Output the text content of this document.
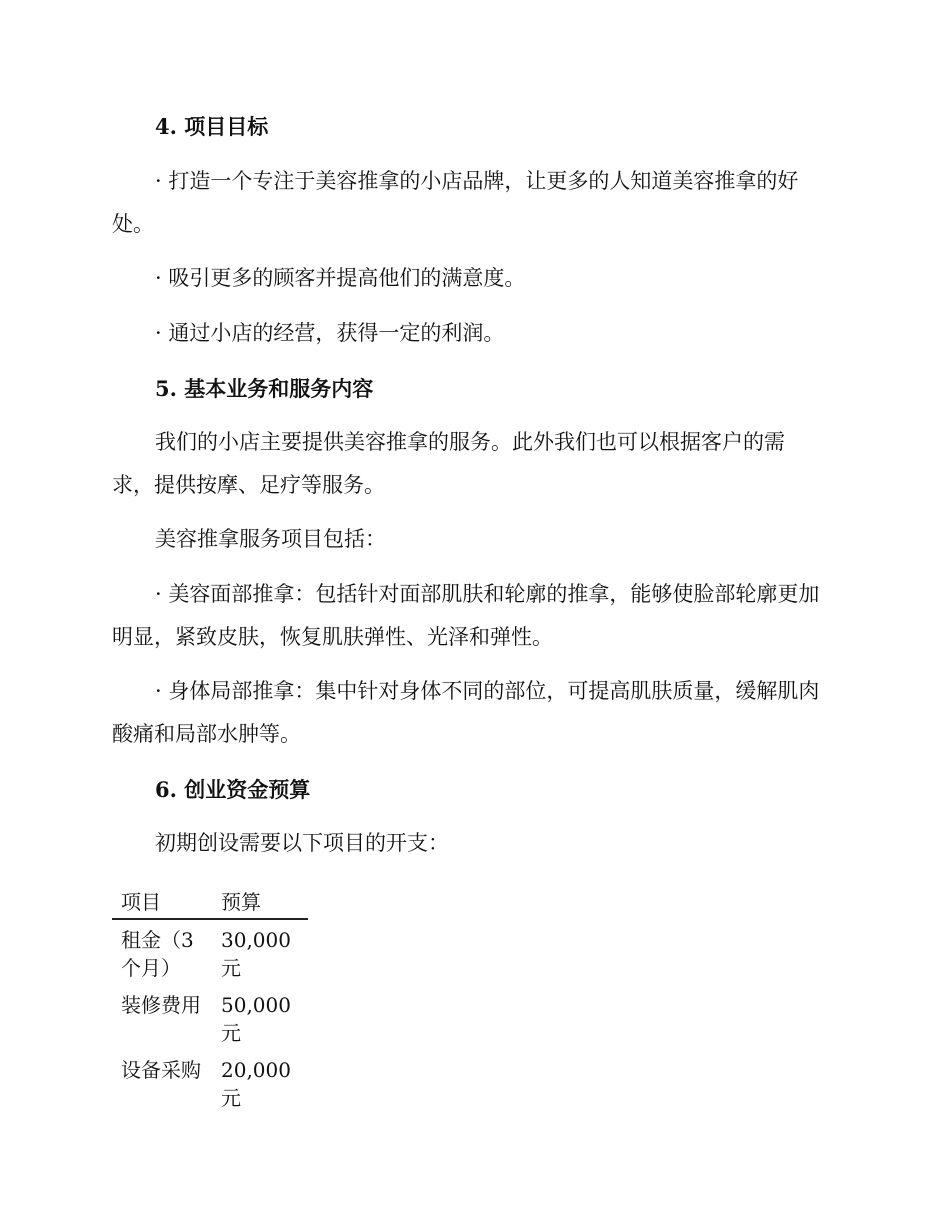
4. 项目目标
· 打造一个专注于美容推拿的小店品牌，让更多的人知道美容推拿的好处。
· 吸引更多的顾客并提高他们的满意度。
· 通过小店的经营，获得一定的利润。
5. 基本业务和服务内容
我们的小店主要提供美容推拿的服务。此外我们也可以根据客户的需求，提供按摩、足疗等服务。
美容推拿服务项目包括：
· 美容面部推拿：包括针对面部肌肤和轮廓的推拿，能够使脸部轮廓更加明显，紧致皮肤，恢复肌肤弹性、光泽和弹性。
· 身体局部推拿：集中针对身体不同的部位，可提高肌肤质量，缓解肌肉酸痛和局部水肿等。
6. 创业资金预算
初期创设需要以下项目的开支：
项目	预算
租金（3个月）	30,000元
装修费用	50,000元
设备采购	20,000元
